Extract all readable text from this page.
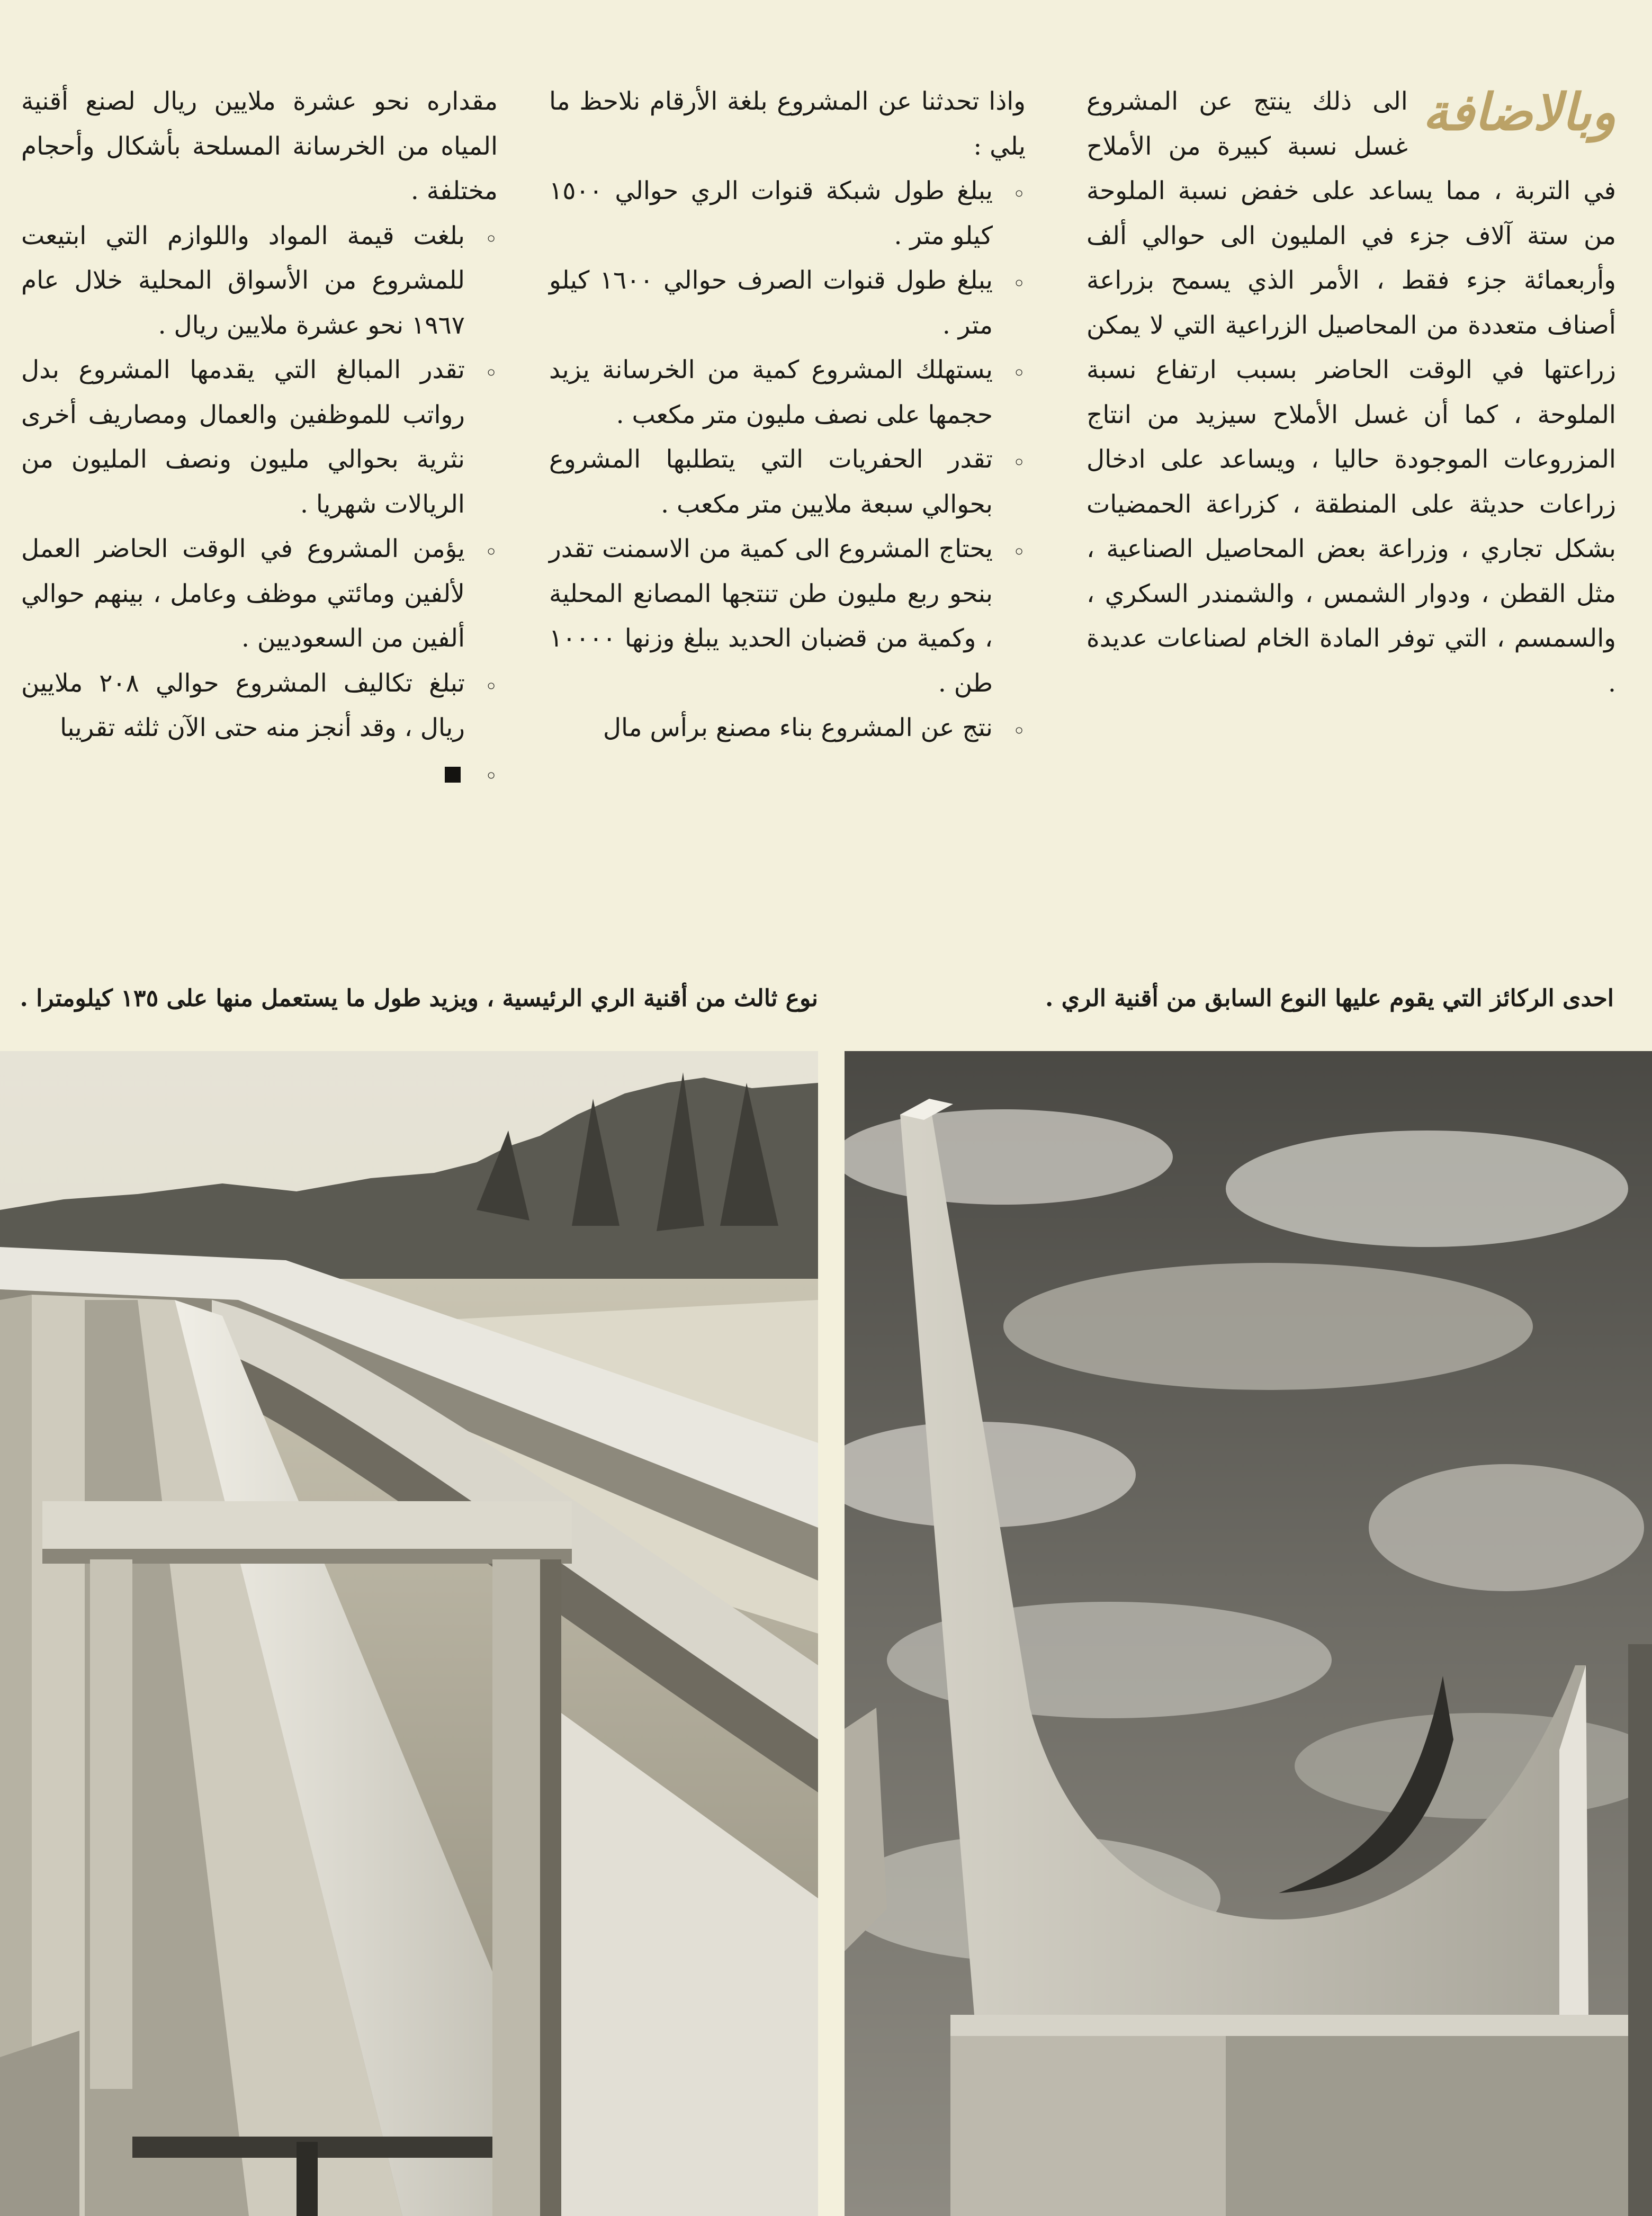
وبالاضافة

الى ذلك ينتج عن المشروع غسل نسبة كبيرة من الأملاح في التربة ، مما يساعد على خفض نسبة الملوحة من ستة آلاف جزء في المليون الى حوالي ألف وأربعمائة جزء فقط ، الأمر الذي يسمح بزراعة أصناف متعددة من المحاصيل الزراعية التي لا يمكن زراعتها في الوقت الحاضر بسبب ارتفاع نسبة الملوحة ، كما أن غسل الأملاح سيزيد من انتاج المزروعات الموجودة حاليا ، ويساعد على ادخال زراعات حديثة على المنطقة ، كزراعة الحمضيات بشكل تجاري ، وزراعة بعض المحاصيل الصناعية ، مثل القطن ، ودوار الشمس ، والشمندر السكري ، والسمسم ، التي توفر المادة الخام لصناعات عديدة .

واذا تحدثنا عن المشروع بلغة الأرقام نلاحظ ما يلي :

◦ يبلغ طول شبكة قنوات الري حوالي ١٥٠٠ كيلو متر .
◦ يبلغ طول قنوات الصرف حوالي ١٦٠٠ كيلو متر .
◦ يستهلك المشروع كمية من الخرسانة يزيد حجمها على نصف مليون متر مكعب .
◦ تقدر الحفريات التي يتطلبها المشروع بحوالي سبعة ملايين متر مكعب .
◦ يحتاج المشروع الى كمية من الاسمنت تقدر بنحو ربع مليون طن تنتجها المصانع المحلية ، وكمية من قضبان الحديد يبلغ وزنها ١٠٠٠٠ طن .
◦ نتج عن المشروع بناء مصنع برأس مال

مقداره نحو عشرة ملايين ريال لصنع أقنية المياه من الخرسانة المسلحة بأشكال وأحجام مختلفة .

◦ بلغت قيمة المواد واللوازم التي ابتيعت للمشروع من الأسواق المحلية خلال عام ١٩٦٧ نحو عشرة ملايين ريال .
◦ تقدر المبالغ التي يقدمها المشروع بدل رواتب للموظفين والعمال ومصاريف أخرى نثرية بحوالي مليون ونصف المليون من الريالات شهريا .
◦ يؤمن المشروع في الوقت الحاضر العمل لألفين ومائتي موظف وعامل ، بينهم حوالي ألفين من السعوديين .
◦ تبلغ تكاليف المشروع حوالي ٢٠٨ ملايين ريال ، وقد أنجز منه حتى الآن ثلثه تقريبا
◦
احدى الركائز التي يقوم عليها النوع السابق من أقنية الري .
نوع ثالث من أقنية الري الرئيسية ، ويزيد طول ما يستعمل منها على ١٣٥ كيلومترا .
